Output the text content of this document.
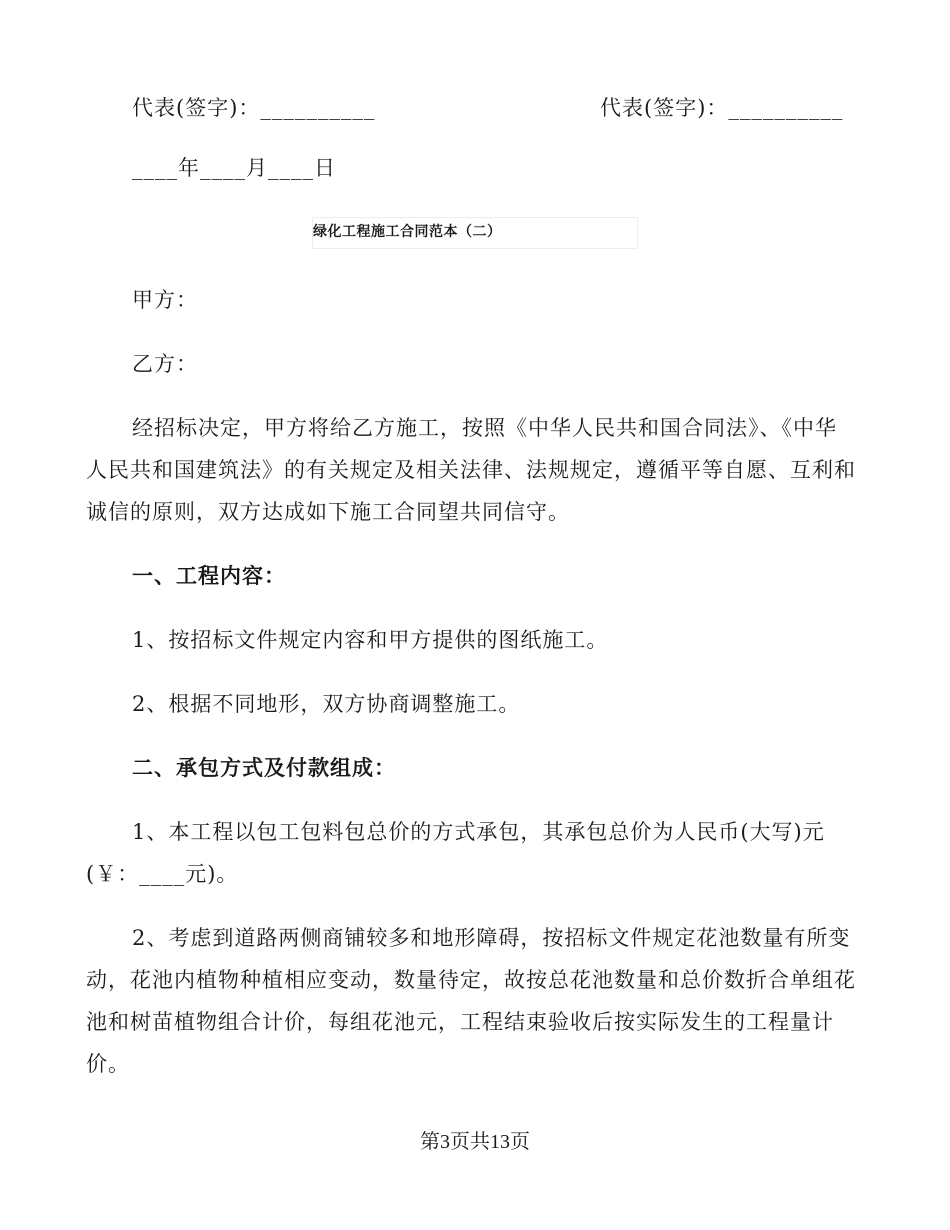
代表(签字)：__________	代表(签字)：__________
____年____月____日
绿化工程施工合同范本（二）
甲方：
乙方：
经招标决定，甲方将给乙方施工，按照《中华人民共和国合同法》、《中华
人民共和国建筑法》的有关规定及相关法律、法规规定，遵循平等自愿、互利和
诚信的原则，双方达成如下施工合同望共同信守。
一、工程内容：
1、按招标文件规定内容和甲方提供的图纸施工。
2、根据不同地形，双方协商调整施工。
二、承包方式及付款组成：
1、本工程以包工包料包总价的方式承包，其承包总价为人民币(大写)元
(￥：____元)。
2、考虑到道路两侧商铺较多和地形障碍，按招标文件规定花池数量有所变
动，花池内植物种植相应变动，数量待定，故按总花池数量和总价数折合单组花
池和树苗植物组合计价，每组花池元，工程结束验收后按实际发生的工程量计
价。
第3页共13页
